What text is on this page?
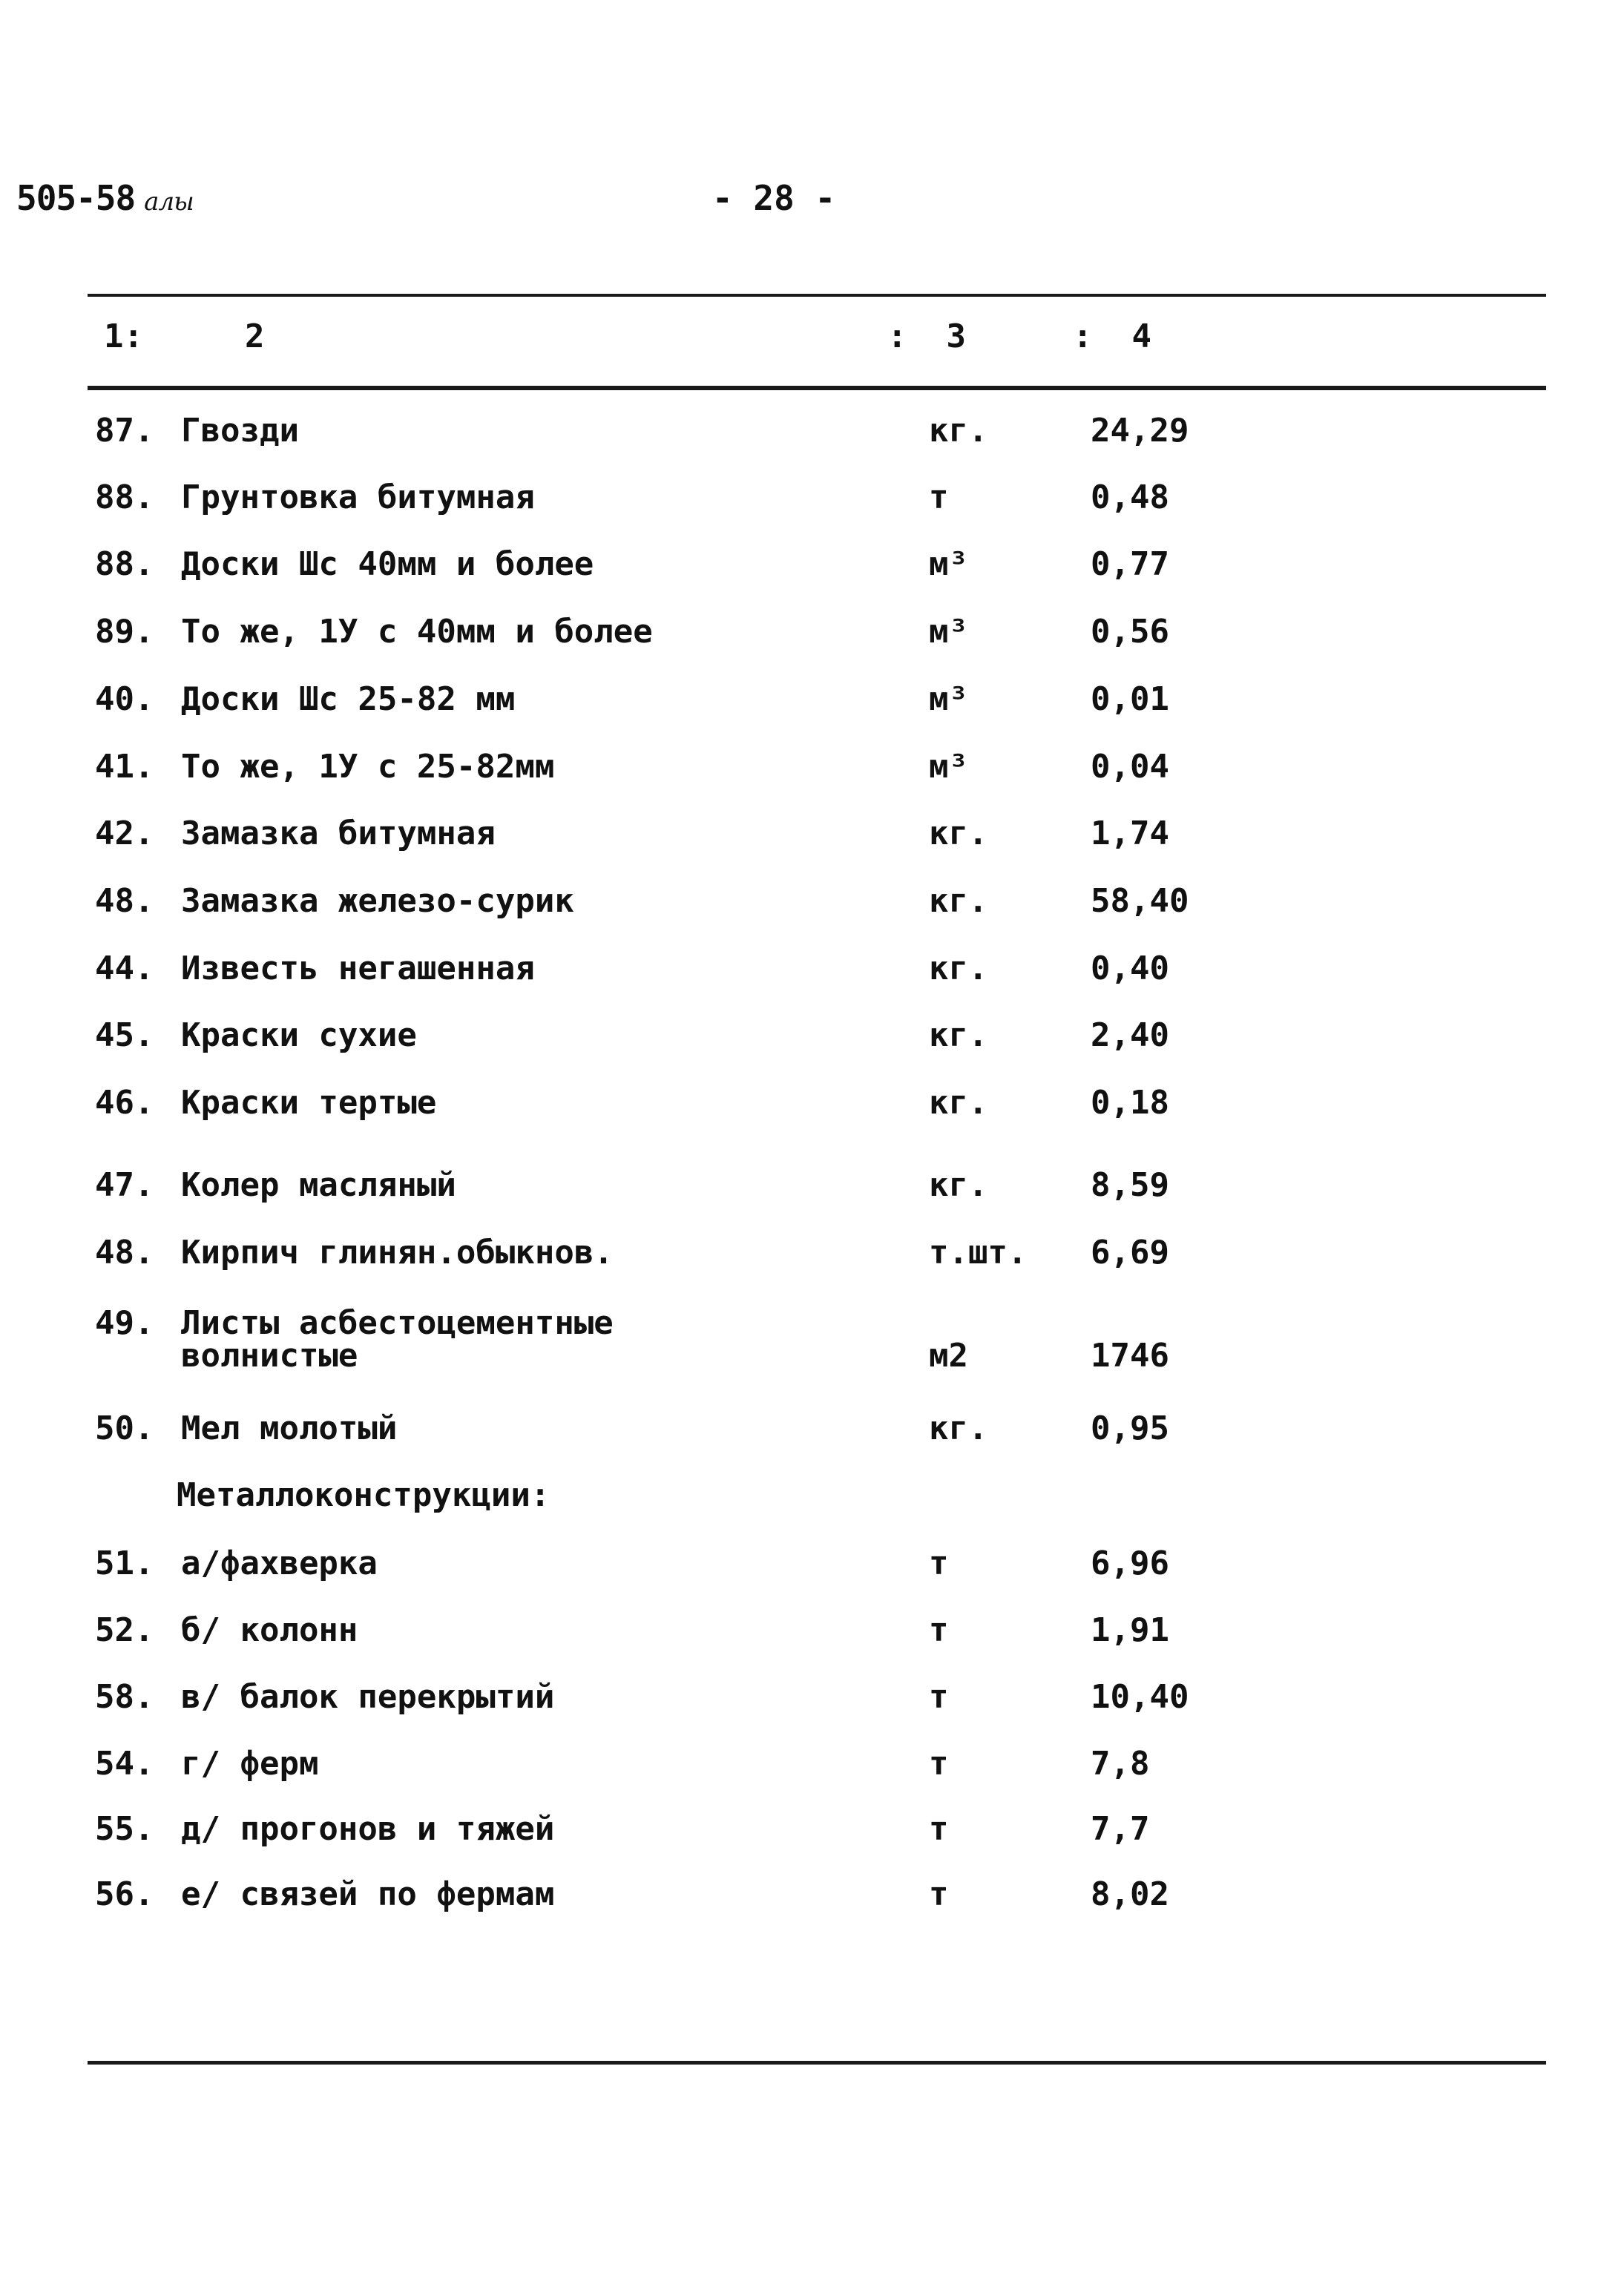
505-58 алы	- 28 -
1:	2	:  3	:  4
87. Гвозди	кг.	24,29
88. Грунтовка битумная	т	0,48
88. Доски Шс 40мм и более	м³	0,77
89. То же, 1У с 40мм и более	м³	0,56
40. Доски Шс 25-82 мм	м³	0,01
41. То же, 1У с 25-82мм	м³	0,04
42. Замазка битумная	кг.	1,74
48. Замазка железо-сурик	кг.	58,40
44. Известь негашенная	кг.	0,40
45. Краски сухие	кг.	2,40
46. Краски тертые	кг.	0,18
47. Колер масляный	кг.	8,59
48. Кирпич глинян.обыкнов.	т.шт. 6,69
49. Листы асбестоцементные
волнистые	м2	1746
50. Мел молотый	кг.	0,95
51. а/фахверка	т	6,96
52. б/ колонн	т	1,91
58. в/ балок перекрытий	т	10,40
54. г/ ферм	т	7,8
55. д/ прогонов и тяжей	т	7,7
56. е/ связей по фермам	т	8,02
Металлоконструкции:
